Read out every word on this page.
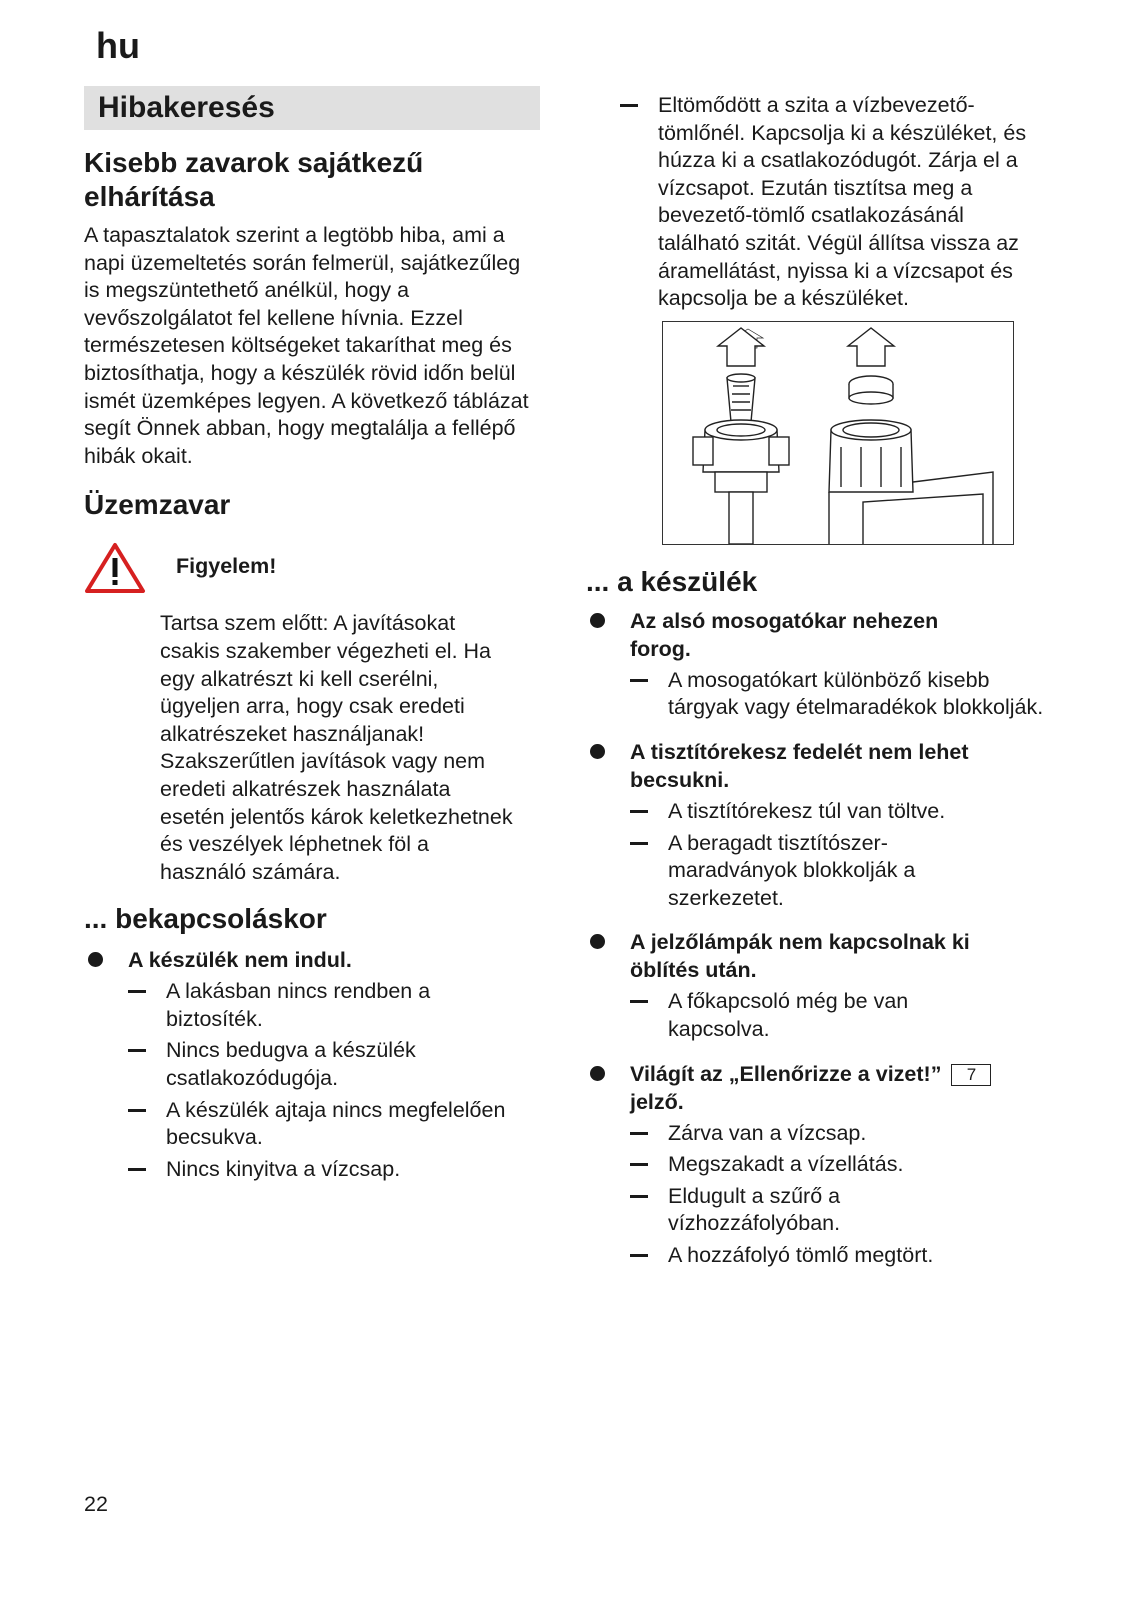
hu
Hibakeresés
Kisebb zavarok sajátkezű elhárítása

A tapasztalatok szerint a legtöbb hiba, ami a napi üzemeltetés során felmerül, sajátkezűleg is megszüntethető anélkül, hogy a vevőszolgálatot fel kellene hívnia. Ezzel természetesen költségeket takaríthat meg és biztosíthatja, hogy a készülék rövid időn belül ismét üzemképes legyen. A következő táblázat segít Önnek abban, hogy megtalálja a fellépő hibák okait.

Üzemzavar
Figyelem!
Tartsa szem előtt: A javításokat csakis szakember végezheti el. Ha egy alkatrészt ki kell cserélni, ügyeljen arra, hogy csak eredeti alkatrészeket használjanak! Szakszerűtlen javítások vagy nem eredeti alkatrészek használata esetén jelentős károk keletkezhetnek és veszélyek léphetnek föl a használó számára.
... bekapcsoláskor
A készülék nem indul.
A lakásban nincs rendben a biztosíték.
Nincs bedugva a készülék csatlakozódugója.
A készülék ajtaja nincs megfelelően becsukva.
Nincs kinyitva a vízcsap.
Eltömődött a szita a vízbevezető-tömlőnél. Kapcsolja ki a készüléket, és húzza ki a csatlakozódugót. Zárja el a vízcsapot. Ezután tisztítsa meg a bevezető-tömlő csatlakozásánál található szitát. Végül állítsa vissza az áramellátást, nyissa ki a vízcsapot és kapcsolja be a készüléket.
... a készülék
Az alsó mosogatókar nehezen forog.
A mosogatókart különböző kisebb tárgyak vagy ételmaradékok blokkolják.
A tisztítórekesz fedelét nem lehet becsukni.
A tisztítórekesz túl van töltve.
A beragadt tisztítószer-maradványok blokkolják a szerkezetet.
A jelzőlámpák nem kapcsolnak ki öblítés után.
A főkapcsoló még be van kapcsolva.
Világít az „Ellenőrizze a vizet!” 7
jelző.
Zárva van a vízcsap.
Megszakadt a vízellátás.
Eldugult a szűrő a vízhozzáfolyóban.
A hozzáfolyó tömlő megtört.
22
